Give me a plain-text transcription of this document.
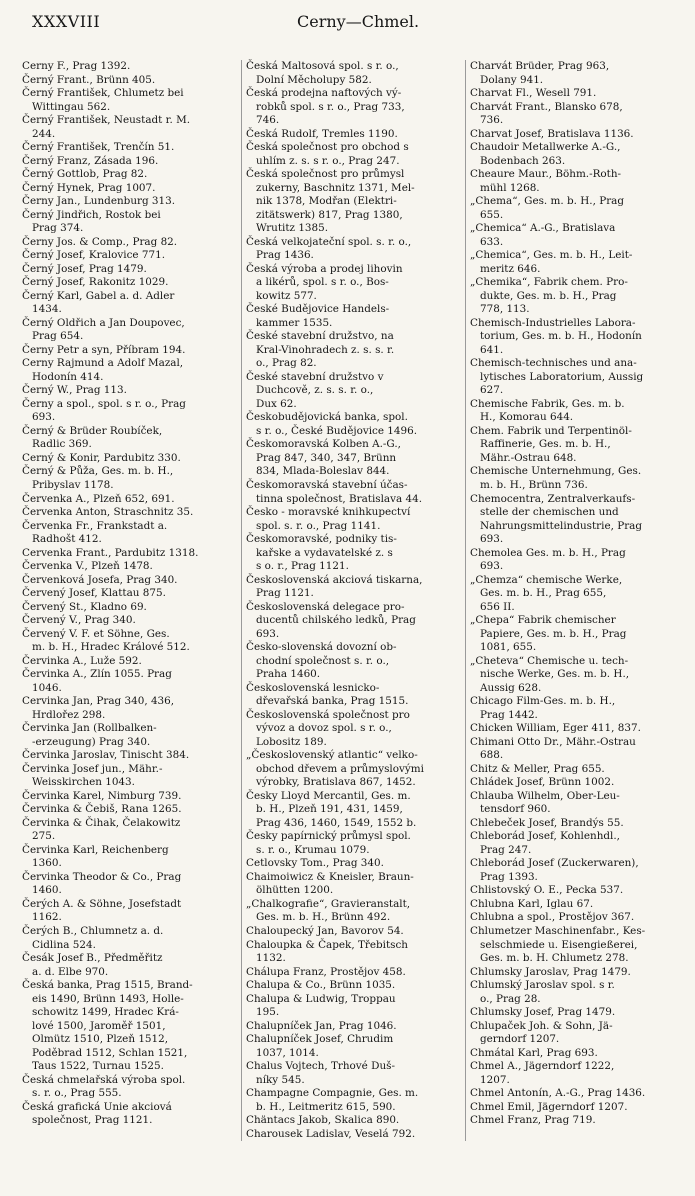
XXXVIII	Cerny—Chmel.
Cerny F., Prag 1392.
Černý Frant., Brünn 405.
Černý František, Chlumetz bei
Wittingau 562.
Černý František, Neustadt r. M.
244.
Černý František, Trenčín 51.
Černý Franz, Zásada 196.
Černý Gottlob, Prag 82.
Černý Hynek, Prag 1007.
Černy Jan., Lundenburg 313.
Černý Jindřich, Rostok bei
Prag 374.
Černy Jos. & Comp., Prag 82.
Černý Josef, Kralovice 771.
Černý Josef, Prag 1479.
Černý Josef, Rakonitz 1029.
Černý Karl, Gabel a. d. Adler
1434.
Černý Oldřich a Jan Doupovec,
Prag 654.
Černy Petr a syn, Příbram 194.
Cerny Rajmund a Adolf Mazal,
Hodonín 414.
Černý W., Prag 113.
Černy a spol., spol. s r. o., Prag
693.
Černý & Brüder Roubíček,
Radlic 369.
Cerný & Konir, Pardubitz 330.
Černý & Půža, Ges. m. b. H.,
Pribyslav 1178.
Červenka A., Plzeň 652, 691.
Červenka Anton, Straschnitz 35.
Červenka Fr., Frankstadt a.
Radhošt 412.
Cervenka Frant., Pardubitz 1318.
Červenka V., Plzeň 1478.
Červenková Josefa, Prag 340.
Červený Josef, Klattau 875.
Červený St., Kladno 69.
Červený V., Prag 340.
Červený V. F. et Söhne, Ges.
m. b. H., Hradec Králové 512.
Červinka A., Luže 592.
Červinka A., Zlín 1055. Prag
1046.
Cervinka Jan, Prag 340, 436,
Hrdlořez 298.
Červinka Jan (Rollbalken-
-erzeugung) Prag 340.
Červinka Jaroslav, Tinischt 384.
Červinka Josef jun., Mähr.-
Weisskirchen 1043.
Červinka Karel, Nimburg 739.
Červinka & Čebiš, Rana 1265.
Červinka & Čihak, Čelakowitz
275.
Červinka Karl, Reichenberg
1360.
Červinka Theodor & Co., Prag
1460.
Čerých A. & Söhne, Josefstadt
1162.
Čerých B., Chlumnetz a. d.
Cidlina 524.
Česák Josef B., Předměřitz
a. d. Elbe 970.
Česká banka, Prag 1515, Brand-
eis 1490, Brünn 1493, Holle-
schowitz 1499, Hradec Krá-
lové 1500, Jaroměř 1501,
Olmütz 1510, Plzeň 1512,
Poděbrad 1512, Schlan 1521,
Taus 1522, Turnau 1525.
Česká chmelařská výroba spol.
s. r. o., Prag 555.
Česká grafická Unie akciová
společnost, Prag 1121.
Česká Maltosová spol. s r. o.,
Dolní Měcholupy 582.
Česká prodejna naftových vý-
robků spol. s r. o., Prag 733,
746.
Česká Rudolf, Tremles 1190.
Česká společnost pro obchod s
uhlím z. s. s r. o., Prag 247.
Česká společnost pro průmysl
zukerny, Baschnitz 1371, Mel-
nik 1378, Modřan (Elektri-
zitätswerk) 817, Prag 1380,
Wrutitz 1385.
Česká velkojateční spol. s. r. o.,
Prag 1436.
Česká výroba a prodej lihovin
a likérů, spol. s r. o., Bos-
kowitz 577.
České Budějovice Handels-
kammer 1535.
České stavební družstvo, na
Kral-Vinohradech z. s. s. r.
o., Prag 82.
České stavební družstvo v
Duchcově, z. s. s. r. o.,
Dux 62.
Českobudějovická banka, spol.
s r. o., České Budějovice 1496.
Českomoravská Kolben A.-G.,
Prag 847, 340, 347, Brünn
834, Mlada-Boleslav 844.
Českomoravská stavební účas-
tinna společnost, Bratislava 44.
Česko - moravské knihkupectví
spol. s. r. o., Prag 1141.
Českomoravské, podniky tis-
kařske a vydavatelské z. s
s o. r., Prag 1121.
Československá akciová tiskarna,
Prag 1121.
Československá delegace pro-
ducentů chilského ledků, Prag
693.
Česko-slovenská dovozní ob-
chodní společnost s. r. o.,
Praha 1460.
Československá lesnicko-
dřevařská banka, Prag 1515.
Československá společnost pro
vývoz a dovoz spol. s r. o.,
Lobositz 189.
„Československý atlantic“ velko-
obchod dřevem a průmyslovými
výrobky, Bratislava 867, 1452.
Česky Lloyd Mercantil, Ges. m.
b. H., Plzeň 191, 431, 1459,
Prag 436, 1460, 1549, 1552 b.
Česky papírnický průmysl spol.
s. r. o., Krumau 1079.
Cetlovsky Tom., Prag 340.
Chaimoiwicz & Kneisler, Braun-
ölhütten 1200.
„Chalkografie“, Gravieranstalt,
Ges. m. b. H., Brünn 492.
Chaloupecký Jan, Bavorov 54.
Chaloupka & Čapek, Třebitsch
1132.
Chálupa Franz, Prostějov 458.
Chalupa & Co., Brünn 1035.
Chalupa & Ludwig, Troppau
195.
Chalupníček Jan, Prag 1046.
Chalupníček Josef, Chrudim
1037, 1014.
Chalus Vojtech, Trhové Duš-
níky 545.
Champagne Compagnie, Ges. m.
b. H., Leitmeritz 615, 590.
Chäntacs Jakob, Skalica 890.
Charousek Ladislav, Veselá 792.
Charvát Brüder, Prag 963,
Dolany 941.
Charvat Fl., Wesell 791.
Charvát Frant., Blansko 678,
736.
Charvat Josef, Bratislava 1136.
Chaudoir Metallwerke A.-G.,
Bodenbach 263.
Cheaure Maur., Böhm.-Roth-
mühl 1268.
„Chema“, Ges. m. b. H., Prag
655.
„Chemica“ A.-G., Bratislava
633.
„Chemica“, Ges. m. b. H., Leit-
meritz 646.
„Chemika“, Fabrik chem. Pro-
dukte, Ges. m. b. H., Prag
778, 113.
Chemisch-Industrielles Labora-
torium, Ges. m. b. H., Hodonín
641.
Chemisch-technisches und ana-
lytisches Laboratorium, Aussig
627.
Chemische Fabrik, Ges. m. b.
H., Komorau 644.
Chem. Fabrik und Terpentinöl-
Raffinerie, Ges. m. b. H.,
Mähr.-Ostrau 648.
Chemische Unternehmung, Ges.
m. b. H., Brünn 736.
Chemocentra, Zentralverkaufs-
stelle der chemischen und
Nahrungsmittelindustrie, Prag
693.
Chemolea Ges. m. b. H., Prag
693.
„Chemza“ chemische Werke,
Ges. m. b. H., Prag 655,
656 II.
„Chepa“ Fabrik chemischer
Papiere, Ges. m. b. H., Prag
1081, 655.
„Cheteva“ Chemische u. tech-
nische Werke, Ges. m. b. H.,
Aussig 628.
Chicago Film-Ges. m. b. H.,
Prag 1442.
Chicken William, Eger 411, 837.
Chimani Otto Dr., Mähr.-Ostrau
688.
Chitz & Meller, Prag 655.
Chládek Josef, Brünn 1002.
Chlauba Wilhelm, Ober-Leu-
tensdorf 960.
Chlebeček Josef, Brandýs 55.
Chleborád Josef, Kohlenhdl.,
Prag 247.
Chleborád Josef (Zuckerwaren),
Prag 1393.
Chlistovský O. E., Pecka 537.
Chlubna Karl, Iglau 67.
Chlubna a spol., Prostějov 367.
Chlumetzer Maschinenfabr., Kes-
selschmiede u. Eisengießerei,
Ges. m. b. H. Chlumetz 278.
Chlumsky Jaroslav, Prag 1479.
Chlumský Jaroslav spol. s r.
o., Prag 28.
Chlumsky Josef, Prag 1479.
Chlupaček Joh. & Sohn, Jä-
gerndorf 1207.
Chmátal Karl, Prag 693.
Chmel A., Jägerndorf 1222,
1207.
Chmel Antonín, A.-G., Prag 1436.
Chmel Emil, Jägerndorf 1207.
Chmel Franz, Prag 719.
